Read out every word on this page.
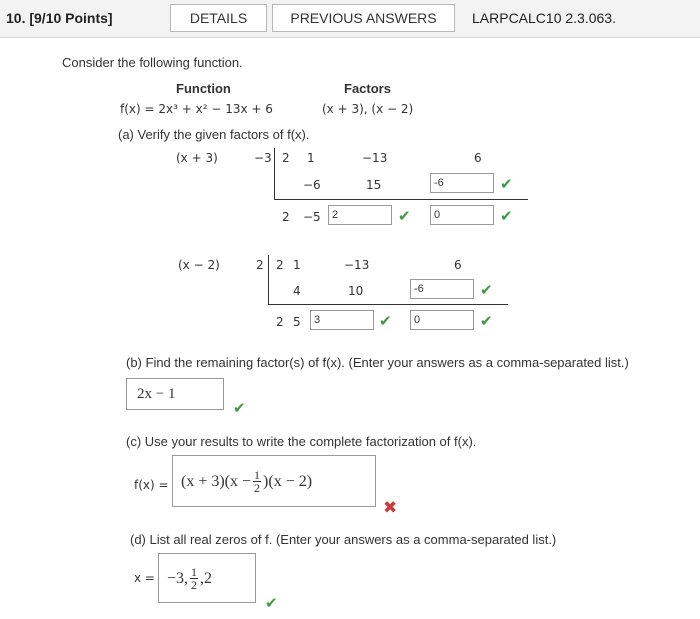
10. [9/10 Points]	DETAILS	PREVIOUS ANSWERS	LARPCALC10 2.3.063.
Consider the following function.
Function	Factors
f(x) = 2x³ + x² − 13x + 6	(x + 3), (x − 2)
(a) Verify the given factors of f(x).
(x + 3)	−3 2 1	−13	6
−6	15	-6	✔
2 −5	2	✔	0	✔
(x − 2)	2 2 1	−13	6
4	10	-6	✔
2 5	3	✔	0	✔
(b) Find the remaining factor(s) of f(x). (Enter your answers as a comma-separated list.)
2x − 1
✔
(c) Use your results to write the complete factorization of f(x).
$f(x) = (x + 3)(x - \frac{1}{2} )(x - 2)$
✖
(d) List all real zeros of f. (Enter your answers as a comma-separated list.)
x = −3, $\frac{1}{2} ,2$
✔
